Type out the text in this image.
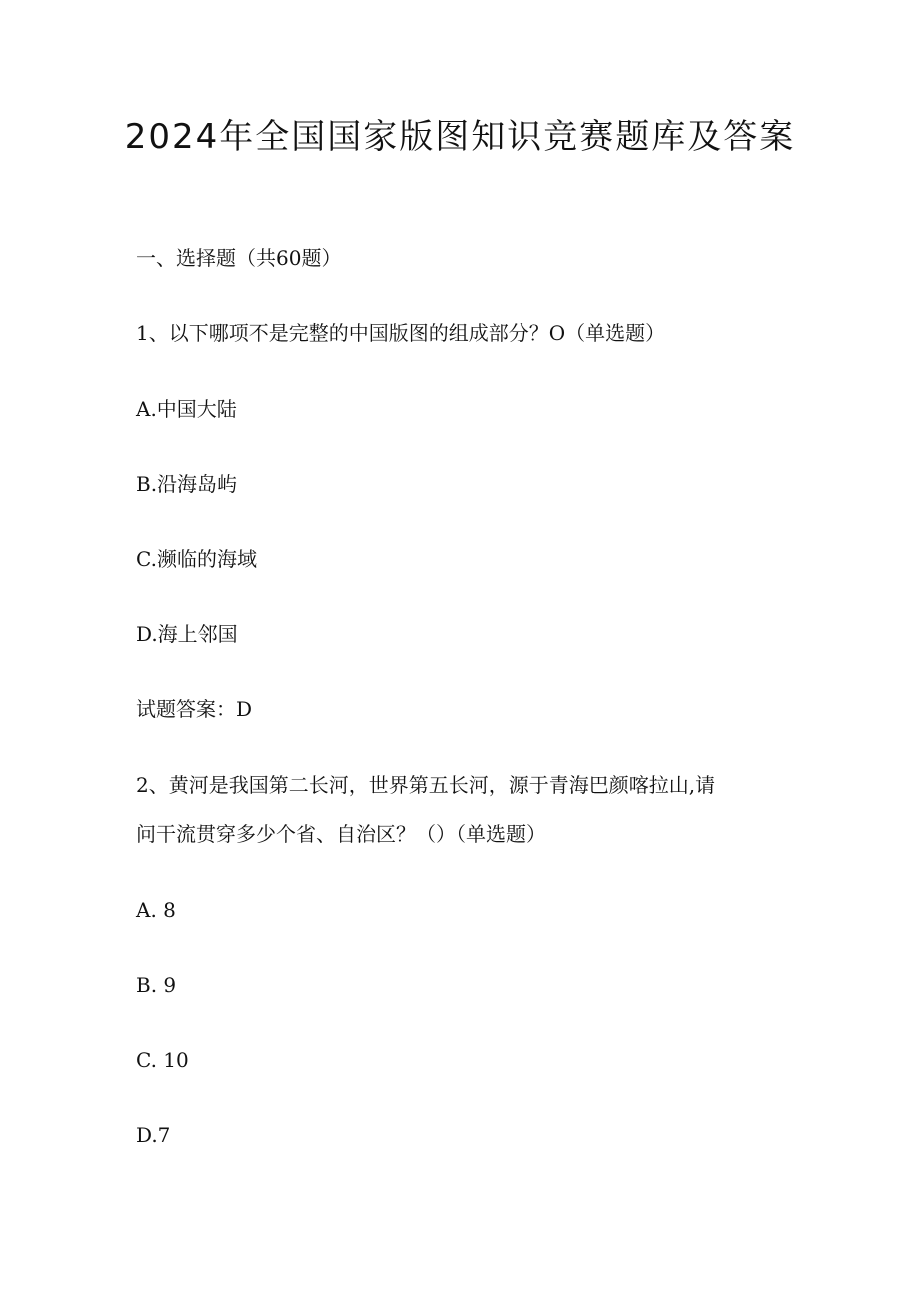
2024年全国国家版图知识竞赛题库及答案
一、选择题（共60题）
1、以下哪项不是完整的中国版图的组成部分？O（单选题）
A.中国大陆
B.沿海岛屿
C.濒临的海域
D.海上邻国
试题答案：D
2、黄河是我国第二长河，世界第五长河，源于青海巴颜喀拉山,请
问干流贯穿多少个省、自治区？（）（单选题）
A. 8
B. 9
C. 10
D.7
